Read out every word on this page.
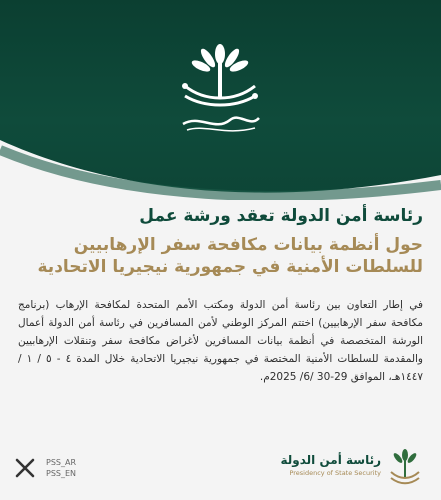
رئاسة أمن الدولة تعقد ورشة عمل
حول أنظمة بيانات مكافحة سفر الإرهابيين
للسلطات الأمنية في جمهورية نيجيريا الاتحادية
في إطار التعاون بين رئاسة أمن الدولة ومكتب الأمم المتحدة لمكافحة الإرهاب (برنامج مكافحة سفر الإرهابيين) اختتم المركز الوطني لأمن المسافرين في رئاسة أمن الدولة أعمال الورشة المتخصصة في أنظمة بيانات المسافرين لأغراض مكافحة سفر وتنقلات الإرهابيين والمقدمة للسلطات الأمنية المختصة في جمهورية نيجيريا الاتحادية خلال المدة ٤ - ٥ / ١ /١٤٤٧هـ، الموافق 29-30 /6/ 2025م.
PSS_AR
PSS_EN
رئاسة أمن الدولة
Presidency of State Security
